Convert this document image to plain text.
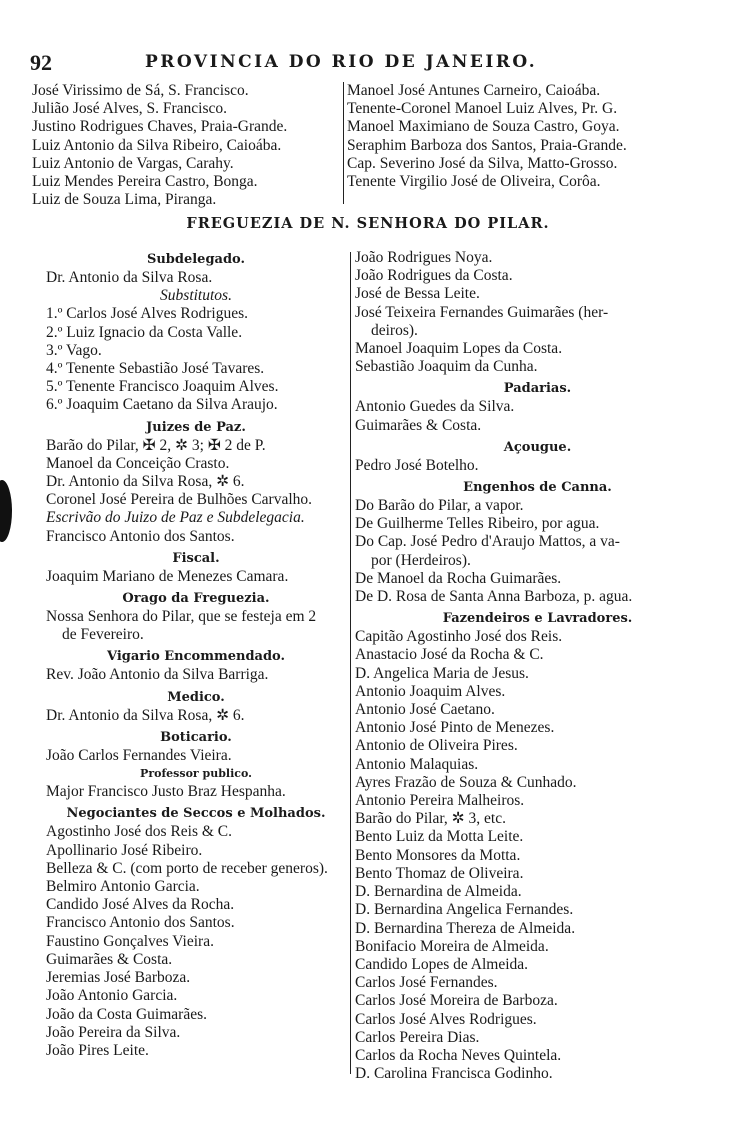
92	PROVINCIA DO RIO DE JANEIRO.
José Virissimo de Sá, S. Francisco.
Julião José Alves, S. Francisco.
Justino Rodrigues Chaves, Praia-Grande.
Luiz Antonio da Silva Ribeiro, Caioába.
Luiz Antonio de Vargas, Carahy.
Luiz Mendes Pereira Castro, Bonga.
Luiz de Souza Lima, Piranga.
Manoel José Antunes Carneiro, Caioába.
Tenente-Coronel Manoel Luiz Alves, Pr. G.
Manoel Maximiano de Souza Castro, Goya.
Seraphim Barboza dos Santos, Praia-Grande.
Cap. Severino José da Silva, Matto-Grosso.
Tenente Virgilio José de Oliveira, Corôa.
FREGUEZIA DE N. SENHORA DO PILAR.
Subdelegado.
Dr. Antonio da Silva Rosa.
Substitutos.
1.º Carlos José Alves Rodrigues.
2.º Luiz Ignacio da Costa Valle.
3.º Vago.
4.º Tenente Sebastião José Tavares.
5.º Tenente Francisco Joaquim Alves.
6.º Joaquim Caetano da Silva Araujo.
Juizes de Paz.
Barão do Pilar, ✠ 2, ✲ 3; ✠ 2 de P.
Manoel da Conceição Crasto.
Dr. Antonio da Silva Rosa, ✲ 6.
Coronel José Pereira de Bulhões Carvalho.
Escrivão do Juizo de Paz e Subdelegacia.
Francisco Antonio dos Santos.
Fiscal.
Joaquim Mariano de Menezes Camara.
Orago da Freguezia.
Nossa Senhora do Pilar, que se festeja em 2
de Fevereiro.
Vigario Encommendado.
Rev. João Antonio da Silva Barriga.
Medico.
Dr. Antonio da Silva Rosa, ✲ 6.
Boticario.
João Carlos Fernandes Vieira.
Professor publico.
Major Francisco Justo Braz Hespanha.
Negociantes de Seccos e Molhados.
Agostinho José dos Reis & C.
Apollinario José Ribeiro.
Belleza & C. (com porto de receber generos).
Belmiro Antonio Garcia.
Candido José Alves da Rocha.
Francisco Antonio dos Santos.
Faustino Gonçalves Vieira.
Guimarães & Costa.
Jeremias José Barboza.
João Antonio Garcia.
João da Costa Guimarães.
João Pereira da Silva.
João Pires Leite.
João Rodrigues Noya.
João Rodrigues da Costa.
José de Bessa Leite.
José Teixeira Fernandes Guimarães (her-
deiros).
Manoel Joaquim Lopes da Costa.
Sebastião Joaquim da Cunha.
Padarias.
Antonio Guedes da Silva.
Guimarães & Costa.
Açougue.
Pedro José Botelho.
Engenhos de Canna.
Do Barão do Pilar, a vapor.
De Guilherme Telles Ribeiro, por agua.
Do Cap. José Pedro d'Araujo Mattos, a va-
por (Herdeiros).
De Manoel da Rocha Guimarães.
De D. Rosa de Santa Anna Barboza, p. agua.
Fazendeiros e Lavradores.
Capitão Agostinho José dos Reis.
Anastacio José da Rocha & C.
D. Angelica Maria de Jesus.
Antonio Joaquim Alves.
Antonio José Caetano.
Antonio José Pinto de Menezes.
Antonio de Oliveira Pires.
Antonio Malaquias.
Ayres Frazão de Souza & Cunhado.
Antonio Pereira Malheiros.
Barão do Pilar, ✲ 3, etc.
Bento Luiz da Motta Leite.
Bento Monsores da Motta.
Bento Thomaz de Oliveira.
D. Bernardina de Almeida.
D. Bernardina Angelica Fernandes.
D. Bernardina Thereza de Almeida.
Bonifacio Moreira de Almeida.
Candido Lopes de Almeida.
Carlos José Fernandes.
Carlos José Moreira de Barboza.
Carlos José Alves Rodrigues.
Carlos Pereira Dias.
Carlos da Rocha Neves Quintela.
D. Carolina Francisca Godinho.
